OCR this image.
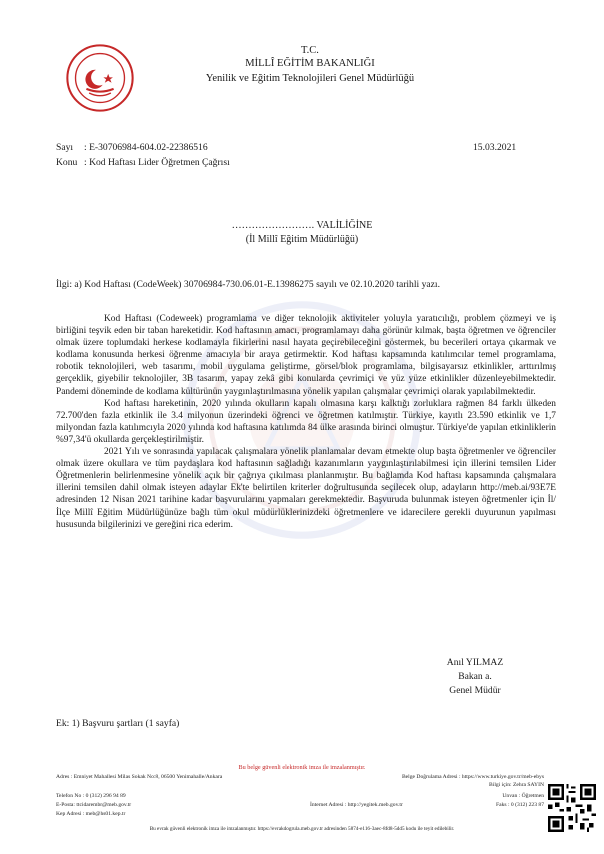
T.C.
MİLLÎ EĞİTİM BAKANLIĞI
Yenilik ve Eğitim Teknolojileri Genel Müdürlüğü
Sayı : E-30706984-604.02-22386516
Konu : Kod Haftası Lider Öğretmen Çağrısı
15.03.2021
……………………. VALİLİĞİNE
(İl Millî Eğitim Müdürlüğü)
İlgi: a) Kod Haftası (CodeWeek) 30706984-730.06.01-E.13986275 sayılı ve 02.10.2020 tarihli yazı.

Kod Haftası (Codeweek) programlama ve diğer teknolojik aktiviteler yoluyla yaratıcılığı, problem çözmeyi ve iş birliğini teşvik eden bir taban hareketidir. Kod haftasının amacı, programlamayı daha görünür kılmak, başta öğretmen ve öğrenciler olmak üzere toplumdaki herkese kodlamayla fikirlerini nasıl hayata geçirebileceğini göstermek, bu becerileri ortaya çıkarmak ve kodlama konusunda herkesi öğrenme amacıyla bir araya getirmektir. Kod haftası kapsamında katılımcılar temel programlama, robotik teknolojileri, web tasarımı, mobil uygulama geliştirme, görsel/blok programlama, bilgisayarsız etkinlikler, arttırılmış gerçeklik, giyebilir teknolojiler, 3B tasarım, yapay zekâ gibi konularda çevrimiçi ve yüz yüze etkinlikler düzenleyebilmektedir. Pandemi döneminde de kodlama kültürünün yaygınlaştırılmasına yönelik yapılan çalışmalar çevrimiçi olarak yapılabilmektedir.

Kod haftası hareketinin, 2020 yılında okulların kapalı olmasına karşı kalktığı zorluklara rağmen 84 farklı ülkeden 72.700'den fazla etkinlik ile 3.4 milyonun üzerindeki öğrenci ve öğretmen katılmıştır. Türkiye, kayıtlı 23.590 etkinlik ve 1,7 milyondan fazla katılımcıyla 2020 yılında kod haftasına katılımda 84 ülke arasında birinci olmuştur. Türkiye'de yapılan etkinliklerin %97,34'ü okullarda gerçekleştirilmiştir.

2021 Yılı ve sonrasında yapılacak çalışmalara yönelik planlamalar devam etmekte olup başta öğretmenler ve öğrenciler olmak üzere okullara ve tüm paydaşlara kod haftasının sağladığı kazanımların yaygınlaştırılabilmesi için illerini temsilen Lider Öğretmenlerin belirlenmesine yönelik açık bir çağrıya çıkılması planlanmıştır. Bu bağlamda Kod haftası kapsamında çalışmalara illerini temsilen dahil olmak isteyen adaylar Ek'te belirtilen kriterler doğrultusunda seçilecek olup, adayların http://meb.ai/93E7E adresinden 12 Nisan 2021 tarihine kadar başvurularını yapmaları gerekmektedir. Başvuruda bulunmak isteyen öğretmenler için İl/İlçe Millî Eğitim Müdürlüğünüze bağlı tüm okul müdürlüklerinizdeki öğretmenlere ve idarecilere gerekli duyurunun yapılması hususunda bilgilerinizi ve gereğini rica ederim.

Anıl YILMAZ
Bakan a.
Genel Müdür
Ek: 1) Başvuru şartları (1 sayfa)
Bu belge güvenli elektronik imza ile imzalanmıştır.
Adres : Emniyet Mahallesi Milas Sokak No:8, 06500 Yenimahalle/Ankara	Belge Doğrulama Adresi : https://www.turkiye.gov.tr/meb-ebys
Bilgi için: Zehra SAYIN
Unvan : Öğretmen
Telefon No : 0 (312) 296 94 89
E-Posta: ttcidarembr@meb.gov.tr
Kep Adresi : meb@hs01.kep.tr
İnternet Adresi : http://yegitek.meb.gov.tr	Faks : 0 (312) 223 87
Bu evrak güvenli elektronik imza ile imzalanmıştır. https://evrakdogrula.meb.gov.tr adresinden 5874-e116-3aec-8fd8-5dd5 kodu ile teyit edilebilir.
